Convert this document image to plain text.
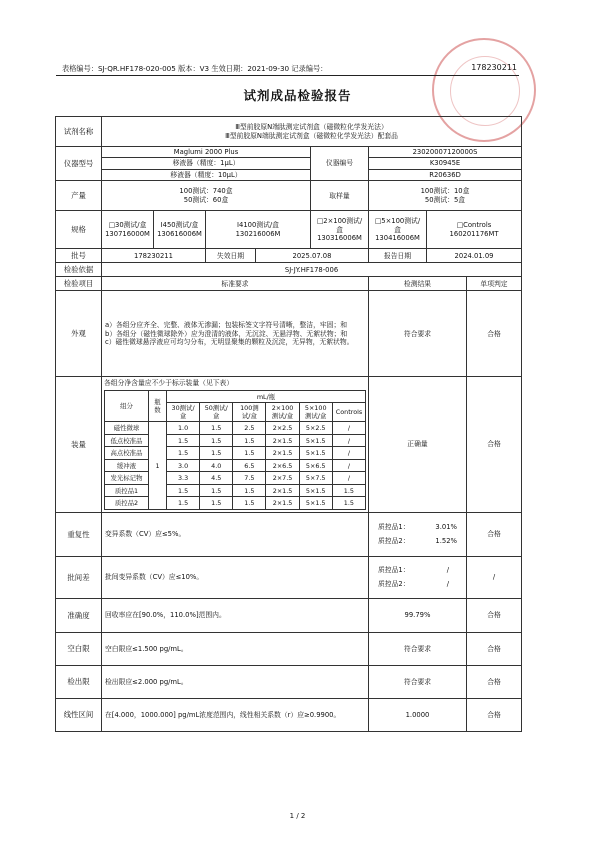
表格编号：SJ-QR.HF178-020-005 版本：V3 生效日期：2021-09-30 记录编号：	178230211
试剂成品检验报告
试剂名称	Ⅲ型前胶原N端肽测定试剂盒（磁微粒化学发光法）
Ⅲ型前胶原N端肽测定试剂盒（磁微粒化学发光法）配套品

仪器型号	Maglumi 2000 Plus	仪器编号	23020007120000S
移液器（精度：1μL）	K30945E
移液器（精度：10μL）	R20636D
产量	100测试：740盒
50测试：60盒
	取样量	
100测试：10盒
50测试：5盒

规格	□30测试/盒
130716000M

Ⅰ450测试/盒
130616006M

Ⅰ4100测试/盒
130216006M

□2×100测试/盒
130316006M

□5×100测试/盒
130416006M

□Controls
160201176MT

批号	178230211	失效日期	2025.07.08	报告日期	2024.01.09
检验依据	SJ-JY.HF178-006
检验项目	标准要求	检测结果	单项判定
外观	
a）各组分应齐全、完整、液体无渗漏；包装标签文字符号清晰，整洁，牢固；和
b）各组分（磁性微球除外）应为澄清的液体，无沉淀、无悬浮物、无絮状物；和
c）磁性微球悬浮液应可均匀分布，无明显聚集的颗粒及沉淀，无异物，无絮状物。
	符合要求	合格
装量	
各组分净含量应不少于标示装量（见下表）
组分	瓶数	mL/瓶
30测试/盒	50测试/盒	100测试/盒	2×100测试/盒	5×100测试/盒	Controls
磁性微球	1	1.0	1.5	2.5	2×2.5	5×2.5	/
低点校准品	1.5	1.5	1.5	2×1.5	5×1.5	/
高点校准品	1.5	1.5	1.5	2×1.5	5×1.5	/
缓冲液	3.0	4.0	6.5	2×6.5	5×6.5	/
发光标记物	3.3	4.5	7.5	2×7.5	5×7.5	/
质控品1	1.5	1.5	1.5	2×1.5	5×1.5	1.5
质控品2	1.5	1.5	1.5	2×1.5	5×1.5	1.5
	正确量	合格
重复性	变异系数（CV）应≤5%。	
质控品1：	3.01%
质控品2：	1.52%
	合格
批间差	批间变异系数（CV）应≤10%。	
质控品1：	/
质控品2：	/
	/
准确度	回收率应在[90.0%，110.0%]范围内。	99.79%	合格
空白限	空白限应≤1.500 pg/mL。	符合要求	合格
检出限	检出限应≤2.000 pg/mL。	符合要求	合格
线性区间	在[4.000，1000.000] pg/mL浓度范围内，线性相关系数（r）应≥0.9900。	1.0000	合格
1 / 2
